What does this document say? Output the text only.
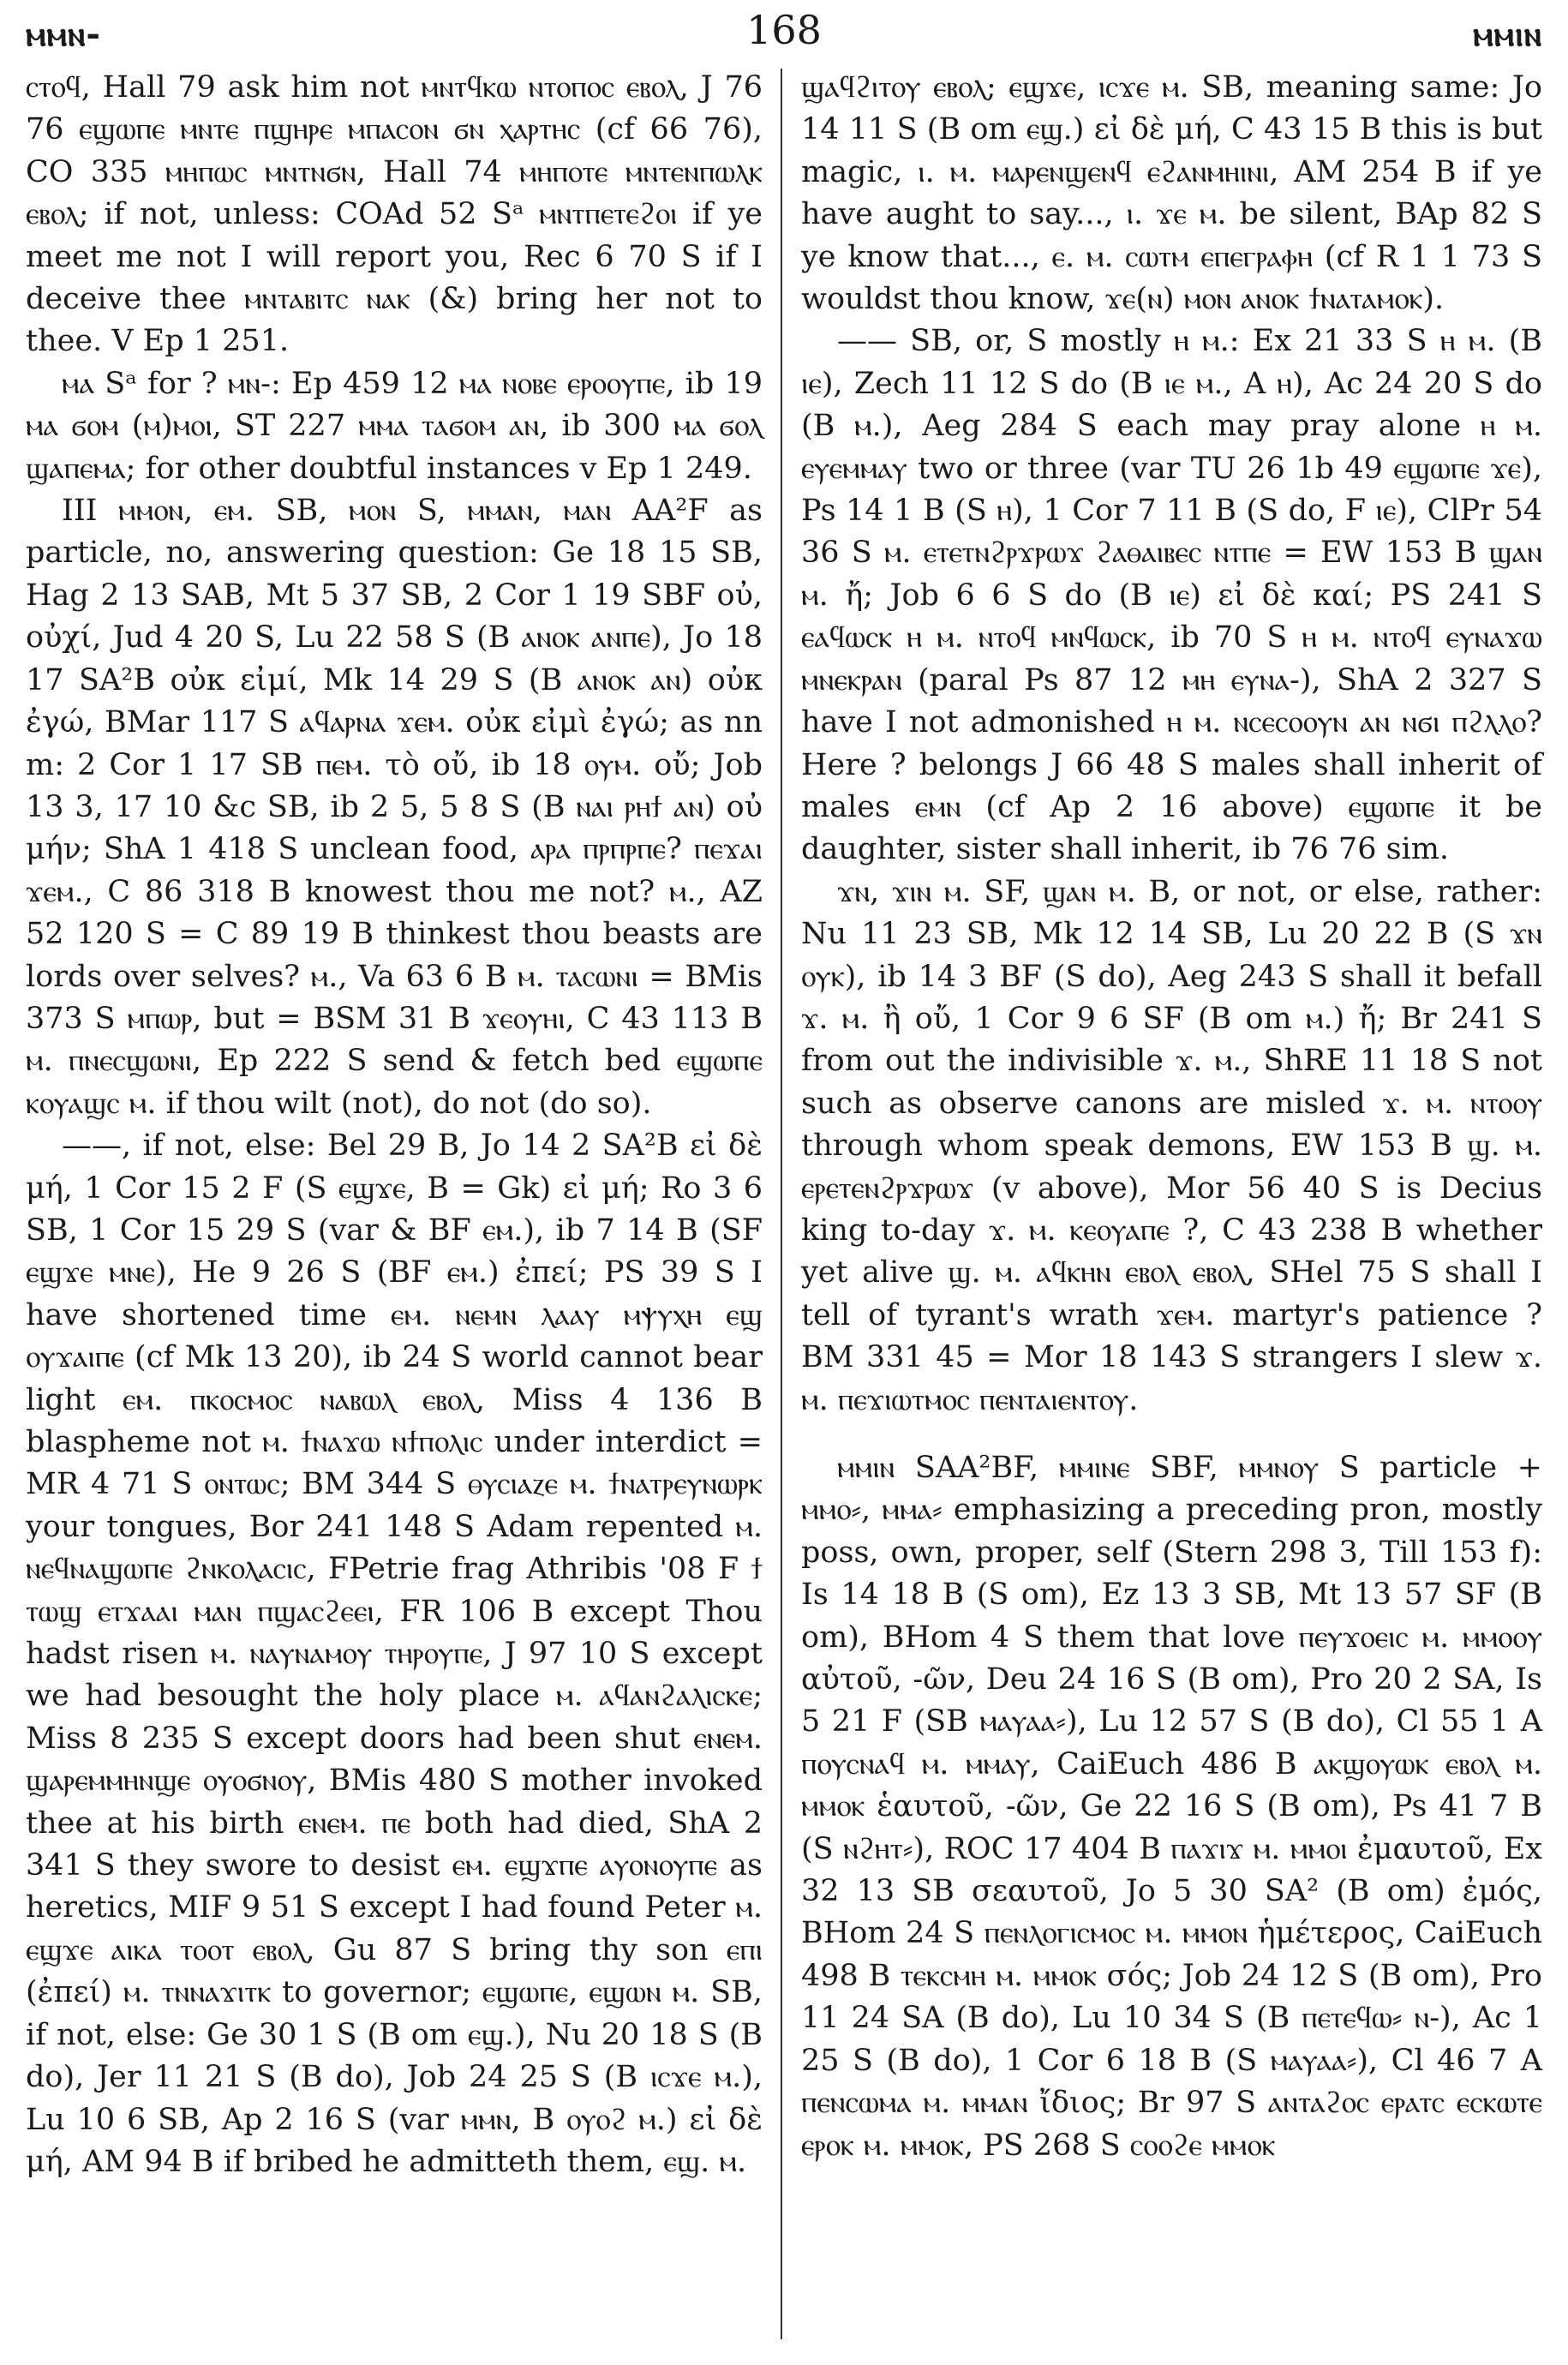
ⲙⲙⲛ-	168	ⲙⲙⲓⲛ

ⲥⲧⲟϥ, Hall 79 ask him not ⲙⲛⲧϥⲕⲱ ⲛⲧⲟⲡⲟⲥ ⲉⲃⲟⲗ, J 76 76 ⲉϣⲱⲡⲉ ⲙⲛⲧⲉ ⲡϣⲏⲣⲉ ⲙⲡⲁⲥⲟⲛ ϭⲛ ⲭⲁⲣⲧⲏⲥ (cf 66 76), CO 335 ⲙⲏⲡⲱⲥ ⲙⲛⲧⲛϭⲛ, Hall 74 ⲙⲏⲡⲟⲧⲉ ⲙⲛⲧⲉⲛⲡⲱⲗⲕ ⲉⲃⲟⲗ; if not, unless: COAd 52 Sᵃ ⲙⲛⲧⲡⲉⲧⲉϩⲟⲓ if ye meet me not I will report you, Rec 6 70 S if I deceive thee ⲙⲛⲧⲁⲃⲓⲧⲥ ⲛⲁⲕ (&) bring her not to thee. V Ep 1 251.

ⲙⲁ Sᵃ for ? ⲙⲛ-: Ep 459 12 ⲙⲁ ⲛⲟⲃⲉ ⲉⲣⲟⲟⲩⲡⲉ, ib 19 ⲙⲁ ϭⲟⲙ (ⲙ)ⲙⲟⲓ, ST 227 ⲙⲙⲁ ⲧⲁϭⲟⲙ ⲁⲛ, ib 300 ⲙⲁ ϭⲟⲗ ϣⲁⲡⲉⲙⲁ; for other doubtful instances v Ep 1 249.

III ⲙⲙⲟⲛ, ⲉⲙ. SB, ⲙⲟⲛ S, ⲙⲙⲁⲛ, ⲙⲁⲛ AA²F as particle, no, answering question: Ge 18 15 SB, Hag 2 13 SAB, Mt 5 37 SB, 2 Cor 1 19 SBF οὐ, οὐχί, Jud 4 20 S, Lu 22 58 S (B ⲁⲛⲟⲕ ⲁⲛⲡⲉ), Jo 18 17 SA²B οὐκ εἰμί, Mk 14 29 S (B ⲁⲛⲟⲕ ⲁⲛ) οὐκ ἐγώ, BMar 117 S ⲁϥⲁⲣⲛⲁ ϫⲉⲙ. οὐκ εἰμὶ ἐγώ; as nn m: 2 Cor 1 17 SB ⲡⲉⲙ. τὸ οὔ, ib 18 ⲟⲩⲙ. οὔ; Job 13 3, 17 10 &c SB, ib 2 5, 5 8 S (B ⲛⲁⲓ ⲣⲏϯ ⲁⲛ) οὐ μήν; ShA 1 418 S unclean food, ⲁⲣⲁ ⲡⲣⲡⲣⲡⲉ? ⲡⲉϫⲁⲓ ϫⲉⲙ., C 86 318 B knowest thou me not? ⲙ., AZ 52 120 S = C 89 19 B thinkest thou beasts are lords over selves? ⲙ., Va 63 6 B ⲙ. ⲧⲁⲥⲱⲛⲓ = BMis 373 S ⲙⲡⲱⲣ, but = BSM 31 B ϫⲉⲟⲩⲏⲓ, C 43 113 B ⲙ. ⲡⲛⲉⲥϣⲱⲛⲓ, Ep 222 S send & fetch bed ⲉϣⲱⲡⲉ ⲕⲟⲩⲁϣⲥ ⲙ. if thou wilt (not), do not (do so).

——, if not, else: Bel 29 B, Jo 14 2 SA²B εἰ δὲ μή, 1 Cor 15 2 F (S ⲉϣϫⲉ, B = Gk) εἰ μή; Ro 3 6 SB, 1 Cor 15 29 S (var & BF ⲉⲙ.), ib 7 14 B (SF ⲉϣϫⲉ ⲙⲛⲉ), He 9 26 S (BF ⲉⲙ.) ἐπεί; PS 39 S I have shortened time ⲉⲙ. ⲛⲉⲙⲛ ⲗⲁⲁⲩ ⲙⲯⲩⲭⲏ ⲉϣ ⲟⲩϫⲁⲓⲡⲉ (cf Mk 13 20), ib 24 S world cannot bear light ⲉⲙ. ⲡⲕⲟⲥⲙⲟⲥ ⲛⲁⲃⲱⲗ ⲉⲃⲟⲗ, Miss 4 136 B blaspheme not ⲙ. ϯⲛⲁϫⲱ ⲛϯⲡⲟⲗⲓⲥ under interdict = MR 4 71 S ⲟⲛⲧⲱⲥ; BM 344 S ⲑⲩⲥⲓⲁⲍⲉ ⲙ. ϯⲛⲁⲧⲣⲉⲩⲛⲱⲣⲕ your tongues, Bor 241 148 S Adam repented ⲙ. ⲛⲉϥⲛⲁϣⲱⲡⲉ ϩⲛⲕⲟⲗⲁⲥⲓⲥ, FPetrie frag Athribis '08 F ϯ ⲧⲱϣ ⲉⲧϫⲁⲁⲓ ⲙⲁⲛ ⲡϣⲁⲥϩⲉⲉⲓ, FR 106 B except Thou hadst risen ⲙ. ⲛⲁⲩⲛⲁⲙⲟⲩ ⲧⲏⲣⲟⲩⲡⲉ, J 97 10 S except we had besought the holy place ⲙ. ⲁϥⲁⲛϩⲁⲗⲓⲥⲕⲉ; Miss 8 235 S except doors had been shut ⲉⲛⲉⲙ. ϣⲁⲣⲉⲙⲙⲏⲛϣⲉ ⲟⲩⲟϭⲛⲟⲩ, BMis 480 S mother invoked thee at his birth ⲉⲛⲉⲙ. ⲡⲉ both had died, ShA 2 341 S they swore to desist ⲉⲙ. ⲉϣϫⲡⲉ ⲁⲩⲟⲛⲟⲩⲡⲉ as heretics, MIF 9 51 S except I had found Peter ⲙ. ⲉϣϫⲉ ⲁⲓⲕⲁ ⲧⲟⲟⲧ ⲉⲃⲟⲗ, Gu 87 S bring thy son ⲉⲡⲓ (ἐπεί) ⲙ. ⲧⲛⲛⲁϫⲓⲧⲕ to governor; ⲉϣⲱⲡⲉ, ⲉϣⲱⲛ ⲙ. SB, if not, else: Ge 30 1 S (B om ⲉϣ.), Nu 20 18 S (B do), Jer 11 21 S (B do), Job 24 25 S (B ⲓⲥϫⲉ ⲙ.), Lu 10 6 SB, Ap 2 16 S (var ⲙⲙⲛ, B ⲟⲩⲟϩ ⲙ.) εἰ δὲ μή, AM 94 B if bribed he admitteth them, ⲉϣ. ⲙ.

ϣⲁϥϩⲓⲧⲟⲩ ⲉⲃⲟⲗ; ⲉϣϫⲉ, ⲓⲥϫⲉ ⲙ. SB, meaning same: Jo 14 11 S (B om ⲉϣ.) εἰ δὲ μή, C 43 15 B this is but magic, ⲓ. ⲙ. ⲙⲁⲣⲉⲛϣⲉⲛϥ ⲉϩⲁⲛⲙⲏⲓⲛⲓ, AM 254 B if ye have aught to say..., ⲓ. ϫⲉ ⲙ. be silent, BAp 82 S ye know that..., ⲉ. ⲙ. ⲥⲱⲧⲙ ⲉⲡⲉⲅⲣⲁⲫⲏ (cf R 1 1 73 S wouldst thou know, ϫⲉ(ⲛ) ⲙⲟⲛ ⲁⲛⲟⲕ ϯⲛⲁⲧⲁⲙⲟⲕ).

—— SB, or, S mostly ⲏ ⲙ.: Ex 21 33 S ⲏ ⲙ. (B ⲓⲉ), Zech 11 12 S do (B ⲓⲉ ⲙ., A ⲏ), Ac 24 20 S do (B ⲙ.), Aeg 284 S each may pray alone ⲏ ⲙ. ⲉⲩⲉⲙⲙⲁⲩ two or three (var TU 26 1b 49 ⲉϣⲱⲡⲉ ϫⲉ), Ps 14 1 B (S ⲏ), 1 Cor 7 11 B (S do, F ⲓⲉ), ClPr 54 36 S ⲙ. ⲉⲧⲉⲧⲛϩⲣϫⲣⲱϫ ϩⲁⲑⲁⲓⲃⲉⲥ ⲛⲧⲡⲉ = EW 153 B ϣⲁⲛ ⲙ. ἤ; Job 6 6 S do (B ⲓⲉ) εἰ δὲ καί; PS 241 S ⲉⲁϥⲱⲥⲕ ⲏ ⲙ. ⲛⲧⲟϥ ⲙⲛϥⲱⲥⲕ, ib 70 S ⲏ ⲙ. ⲛⲧⲟϥ ⲉⲩⲛⲁϫⲱ ⲙⲛⲉⲕⲣⲁⲛ (paral Ps 87 12 ⲙⲏ ⲉⲩⲛⲁ-), ShA 2 327 S have I not admonished ⲏ ⲙ. ⲛⲥⲉⲥⲟⲟⲩⲛ ⲁⲛ ⲛϭⲓ ⲡϩⲗⲗⲟ? Here ? belongs J 66 48 S males shall inherit of males ⲉⲙⲛ (cf Ap 2 16 above) ⲉϣⲱⲡⲉ it be daughter, sister shall inherit, ib 76 76 sim.

ϫⲛ, ϫⲓⲛ ⲙ. SF, ϣⲁⲛ ⲙ. B, or not, or else, rather: Nu 11 23 SB, Mk 12 14 SB, Lu 20 22 B (S ϫⲛ ⲟⲩⲕ), ib 14 3 BF (S do), Aeg 243 S shall it befall ϫ. ⲙ. ἢ οὔ, 1 Cor 9 6 SF (B om ⲙ.) ἤ; Br 241 S from out the indivisible ϫ. ⲙ., ShRE 11 18 S not such as observe canons are misled ϫ. ⲙ. ⲛⲧⲟⲟⲩ through whom speak demons, EW 153 B ϣ. ⲙ. ⲉⲣⲉⲧⲉⲛϩⲣϫⲣⲱϫ (v above), Mor 56 40 S is Decius king to-day ϫ. ⲙ. ⲕⲉⲟⲩⲁⲡⲉ ?, C 43 238 B whether yet alive ϣ. ⲙ. ⲁϥⲕⲏⲛ ⲉⲃⲟⲗ ⲉⲃⲟⲗ, SHel 75 S shall I tell of tyrant's wrath ϫⲉⲙ. martyr's patience ? BM 331 45 = Mor 18 143 S strangers I slew ϫ. ⲙ. ⲡⲉϫⲓⲱⲧⲙⲟⲥ ⲡⲉⲛⲧⲁⲓⲉⲛⲧⲟⲩ.

ⲙⲙⲓⲛ SAA²BF, ⲙⲙⲓⲛⲉ SBF, ⲙⲙⲛⲟⲩ S particle + ⲙⲙⲟ⸗, ⲙⲙⲁ⸗ emphasizing a preceding pron, mostly poss, own, proper, self (Stern 298 3, Till 153 f): Is 14 18 B (S om), Ez 13 3 SB, Mt 13 57 SF (B om), BHom 4 S them that love ⲡⲉⲩϫⲟⲉⲓⲥ ⲙ. ⲙⲙⲟⲟⲩ αὐτοῦ, -ῶν, Deu 24 16 S (B om), Pro 20 2 SA, Is 5 21 F (SB ⲙⲁⲩⲁⲁ⸗), Lu 12 57 S (B do), Cl 55 1 A ⲡⲟⲩⲥⲛⲁϥ ⲙ. ⲙⲙⲁⲩ, CaiEuch 486 B ⲁⲕϣⲟⲩⲱⲕ ⲉⲃⲟⲗ ⲙ. ⲙⲙⲟⲕ ἑαυτοῦ, -ῶν, Ge 22 16 S (B om), Ps 41 7 B (S ⲛϩⲏⲧ⸗), ROC 17 404 B ⲡⲁϫⲓϫ ⲙ. ⲙⲙⲟⲓ ἐμαυτοῦ, Ex 32 13 SB σεαυτοῦ, Jo 5 30 SA² (B om) ἐμός, BHom 24 S ⲡⲉⲛⲗⲟⲅⲓⲥⲙⲟⲥ ⲙ. ⲙⲙⲟⲛ ἡμέτερος, CaiEuch 498 B ⲧⲉⲕⲥⲙⲏ ⲙ. ⲙⲙⲟⲕ σός; Job 24 12 S (B om), Pro 11 24 SA (B do), Lu 10 34 S (B ⲡⲉⲧⲉϥⲱ⸗ ⲛ-), Ac 1 25 S (B do), 1 Cor 6 18 B (S ⲙⲁⲩⲁⲁ⸗), Cl 46 7 A ⲡⲉⲛⲥⲱⲙⲁ ⲙ. ⲙⲙⲁⲛ ἴδιος; Br 97 S ⲁⲛⲧⲁϩⲟⲥ ⲉⲣⲁⲧⲥ ⲉⲥⲕⲱⲧⲉ ⲉⲣⲟⲕ ⲙ. ⲙⲙⲟⲕ, PS 268 S ⲥⲟⲟϩⲉ ⲙⲙⲟⲕ
